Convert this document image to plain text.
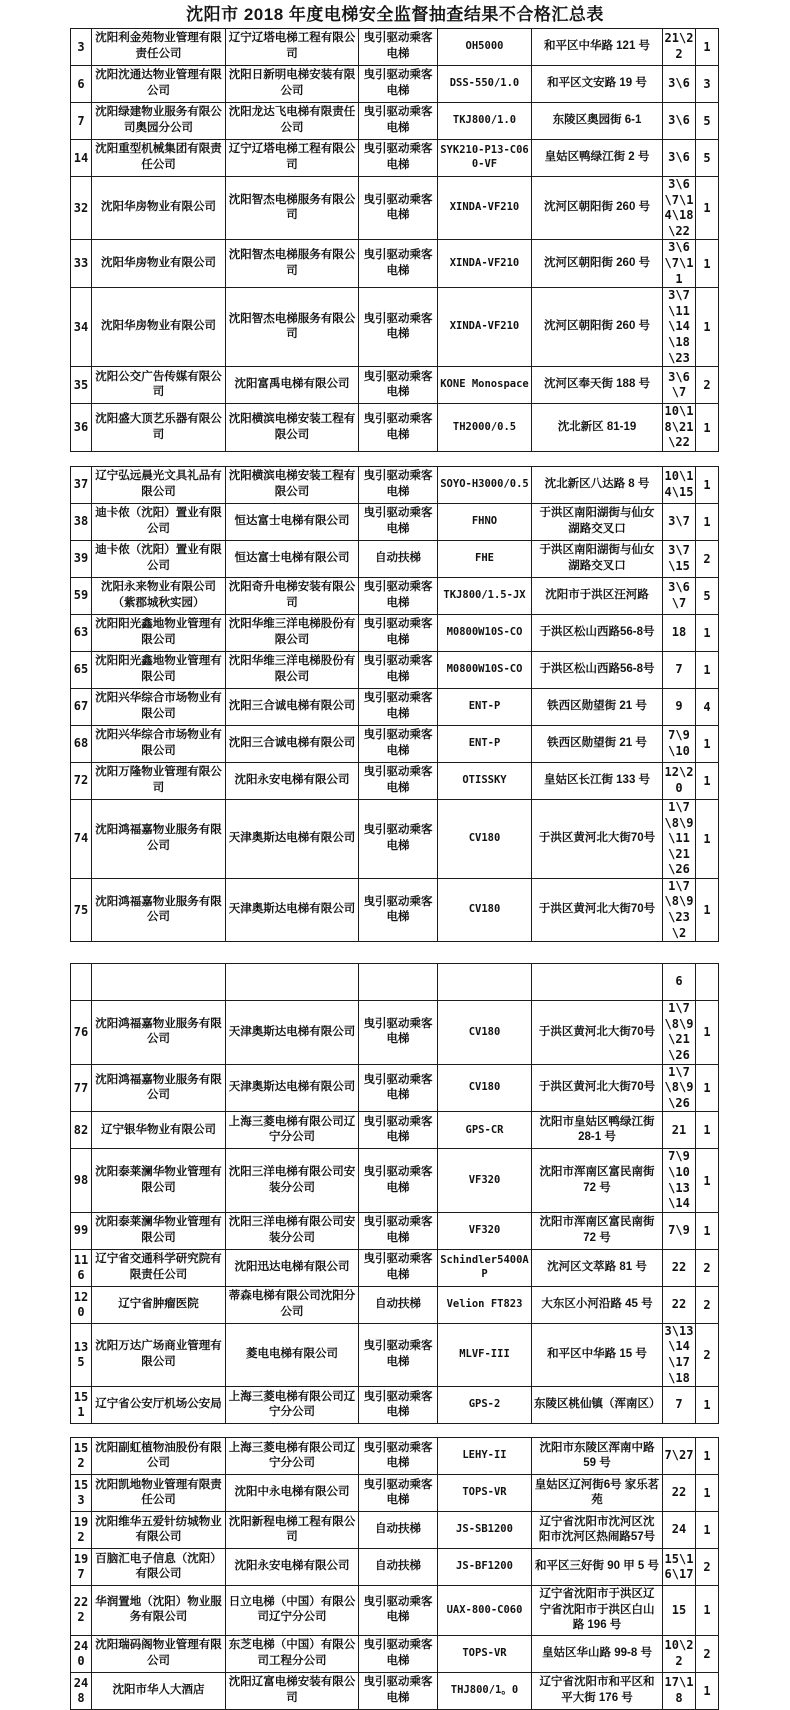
沈阳市 2018 年度电梯安全监督抽查结果不合格汇总表
3	沈阳利金苑物业管理有限责任公司	辽宁辽塔电梯工程有限公司	曳引驱动乘客电梯	OH5000	和平区中华路 121 号	21\22	1
6	沈阳沈通达物业管理有限公司	沈阳日新明电梯安装有限公司	曳引驱动乘客电梯	DSS-550/1.0	和平区文安路 19 号	3\6	3
7	沈阳绿建物业服务有限公司奥园分公司	沈阳龙达飞电梯有限责任公司	曳引驱动乘客电梯	TKJ800/1.0	东陵区奥园街 6-1	3\6	5
14	沈阳重型机械集团有限责任公司	辽宁辽塔电梯工程有限公司	曳引驱动乘客电梯	SYK210-P13-C060-VF	皇姑区鸭绿江街 2 号	3\6	5
32	沈阳华房物业有限公司	沈阳智杰电梯服务有限公司	曳引驱动乘客电梯	XINDA-VF210	沈河区朝阳街 260 号	3\6\7\14\18\22	1
33	沈阳华房物业有限公司	沈阳智杰电梯服务有限公司	曳引驱动乘客电梯	XINDA-VF210	沈河区朝阳街 260 号	3\6\7\11	1
34	沈阳华房物业有限公司	沈阳智杰电梯服务有限公司	曳引驱动乘客电梯	XINDA-VF210	沈河区朝阳街 260 号	3\7\11\14\18\23	1
35	沈阳公交广告传媒有限公司	沈阳富禹电梯有限公司	曳引驱动乘客电梯	KONE Monospace	沈河区奉天街 188 号	3\6\7	2
36	沈阳盛大顶艺乐器有限公司	沈阳横滨电梯安装工程有限公司	曳引驱动乘客电梯	TH2000/0.5	沈北新区 81-19	10\18\21\22	1
37	辽宁弘远晨光文具礼品有限公司	沈阳横滨电梯安装工程有限公司	曳引驱动乘客电梯	SOYO-H3000/0.5	沈北新区八达路 8 号	10\14\15	1
38	迪卡侬（沈阳）置业有限公司	恒达富士电梯有限公司	曳引驱动乘客电梯	FHNO	于洪区南阳湖街与仙女湖路交叉口	3\7	1
39	迪卡侬（沈阳）置业有限公司	恒达富士电梯有限公司	自动扶梯	FHE	于洪区南阳湖街与仙女湖路交叉口	3\7\15	2
59	沈阳永来物业有限公司（紫郡城秋实园）	沈阳奇升电梯安装有限公司	曳引驱动乘客电梯	TKJ800/1.5-JX	沈阳市于洪区汪河路	3\6\7	5
63	沈阳阳光鑫地物业管理有限公司	沈阳华维三洋电梯股份有限公司	曳引驱动乘客电梯	M0800W10S-CO	于洪区松山西路56-8号	18	1
65	沈阳阳光鑫地物业管理有限公司	沈阳华维三洋电梯股份有限公司	曳引驱动乘客电梯	M0800W10S-CO	于洪区松山西路56-8号	7	1
67	沈阳兴华综合市场物业有限公司	沈阳三合诚电梯有限公司	曳引驱动乘客电梯	ENT-P	铁西区勋望街 21 号	9	4
68	沈阳兴华综合市场物业有限公司	沈阳三合诚电梯有限公司	曳引驱动乘客电梯	ENT-P	铁西区勋望街 21 号	7\9\10	1
72	沈阳万隆物业管理有限公司	沈阳永安电梯有限公司	曳引驱动乘客电梯	OTISSKY	皇姑区长江街 133 号	12\20	1
74	沈阳鸿福嘉物业服务有限公司	天津奥斯达电梯有限公司	曳引驱动乘客电梯	CV180	于洪区黄河北大街70号	1\7\8\9\11\21\26	1
75	沈阳鸿福嘉物业服务有限公司	天津奥斯达电梯有限公司	曳引驱动乘客电梯	CV180	于洪区黄河北大街70号	1\7\8\9\23\2	1
						6	
76	沈阳鸿福嘉物业服务有限公司	天津奥斯达电梯有限公司	曳引驱动乘客电梯	CV180	于洪区黄河北大街70号	1\7\8\9\21\26	1
77	沈阳鸿福嘉物业服务有限公司	天津奥斯达电梯有限公司	曳引驱动乘客电梯	CV180	于洪区黄河北大街70号	1\7\8\9\26	1
82	辽宁银华物业有限公司	上海三菱电梯有限公司辽宁分公司	曳引驱动乘客电梯	GPS-CR	沈阳市皇姑区鸭绿江街 28-1 号	21	1
98	沈阳泰莱澜华物业管理有限公司	沈阳三洋电梯有限公司安装分公司	曳引驱动乘客电梯	VF320	沈阳市浑南区富民南街 72 号	7\9\10\13\14	1
99	沈阳泰莱澜华物业管理有限公司	沈阳三洋电梯有限公司安装分公司	曳引驱动乘客电梯	VF320	沈阳市浑南区富民南街 72 号	7\9	1
116	辽宁省交通科学研究院有限责任公司	沈阳迅达电梯有限公司	曳引驱动乘客电梯	Schindler5400AP	沈河区文萃路 81 号	22	2
120	辽宁省肿瘤医院	蒂森电梯有限公司沈阳分公司	自动扶梯	Velion FT823	大东区小河沿路 45 号	22	2
135	沈阳万达广场商业管理有限公司	菱电电梯有限公司	曳引驱动乘客电梯	MLVF-III	和平区中华路 15 号	3\13\14\17\18	2
151	辽宁省公安厅机场公安局	上海三菱电梯有限公司辽宁分公司	曳引驱动乘客电梯	GPS-2	东陵区桃仙镇（浑南区）	7	1
152	沈阳副虹植物油股份有限公司	上海三菱电梯有限公司辽宁分公司	曳引驱动乘客电梯	LEHY-II	沈阳市东陵区浑南中路 59 号	7\27	1
153	沈阳凯地物业管理有限责任公司	沈阳中永电梯有限公司	曳引驱动乘客电梯	TOPS-VR	皇姑区辽河街6号 家乐茗苑	22	1
192	沈阳维华五爱针纺城物业有限公司	沈阳新程电梯工程有限公司	自动扶梯	JS-SB1200	辽宁省沈阳市沈河区沈阳市沈河区热闹路57号	24	1
197	百脑汇电子信息（沈阳）有限公司	沈阳永安电梯有限公司	自动扶梯	JS-BF1200	和平区三好街 90 甲 5 号	15\16\17	2
222	华润置地（沈阳）物业服务有限公司	日立电梯（中国）有限公司辽宁分公司	曳引驱动乘客电梯	UAX-800-C060	辽宁省沈阳市于洪区辽宁省沈阳市于洪区白山路 196 号	15	1
240	沈阳瑞码阁物业管理有限公司	东芝电梯（中国）有限公司工程分公司	曳引驱动乘客电梯	TOPS-VR	皇姑区华山路 99-8 号	10\22	2
248	沈阳市华人大酒店	沈阳辽富电梯安装有限公司	曳引驱动乘客电梯	THJ800/1。0	辽宁省沈阳市和平区和平大街 176 号	17\18	1
